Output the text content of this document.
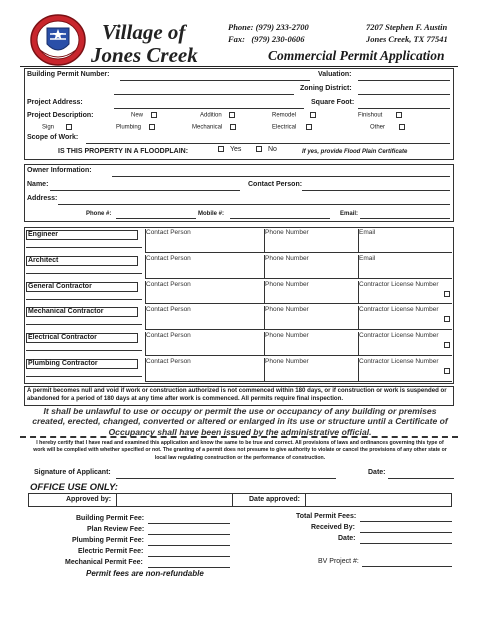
Village of
Jones Creek
Phone: (979) 233-2700
Fax:   (979) 230-0606
7207 Stephen F. Austin
Jones Creek, TX 77541
Commercial Permit Application
Building Permit Number:	Valuation:
Zoning District:
Project Address:	Square Foot:
Project Description:	New	Addition	Remodel	Finishout
Sign	Plumbing	Mechanical	Electrical	Other
Scope of Work:
IS THIS PROPERTY IN A FLOODPLAIN:	Yes	No	If yes, provide Flood Plain Certificate
Owner Information:
Name:	Contact Person:
Address:
Phone #:	Mobile #:	Email:
Engineer	Contact Person	Phone Number	Email
Architect	Contact Person	Phone Number	Email
General Contractor	Contact Person	Phone Number	Contractor License Number
Mechanical Contractor	Contact Person	Phone Number	Contractor License Number
Electrical Contractor	Contact Person	Phone Number	Contractor License Number
Plumbing Contractor	Contact Person	Phone Number	Contractor License Number
A permit becomes null and void if work or construction authorized is not commenced within 180 days, or if construction or work is suspended or abandoned for a period of 180 days at any time after work is commenced. All permits require final inspection.
It shall be unlawful to use or occupy or permit the use or occupancy of any building or premises created, erected, changed, converted or altered or enlarged in its use or structure until a Certificate of Occupancy shall have been issued by the administrative official.
I hereby certify that I have read and examined this application and know the same to be true and correct. All provisions of laws and ordinances governing this type of work will be complied with whether specified or not. The granting of a permit does not presume to give authority to violate or cancel the provisions of any other state or local law regulating construction or the performance of construction.
Signature of Applicant:	Date:
OFFICE USE ONLY:
Approved by:	Date approved:
Building Permit Fee:
Plan Review Fee:
Plumbing Permit Fee:
Electric Permit Fee:
Mechanical Permit Fee:
Total Permit Fees:
Received By:
Date:
BV Project #:
Permit fees are non-refundable
